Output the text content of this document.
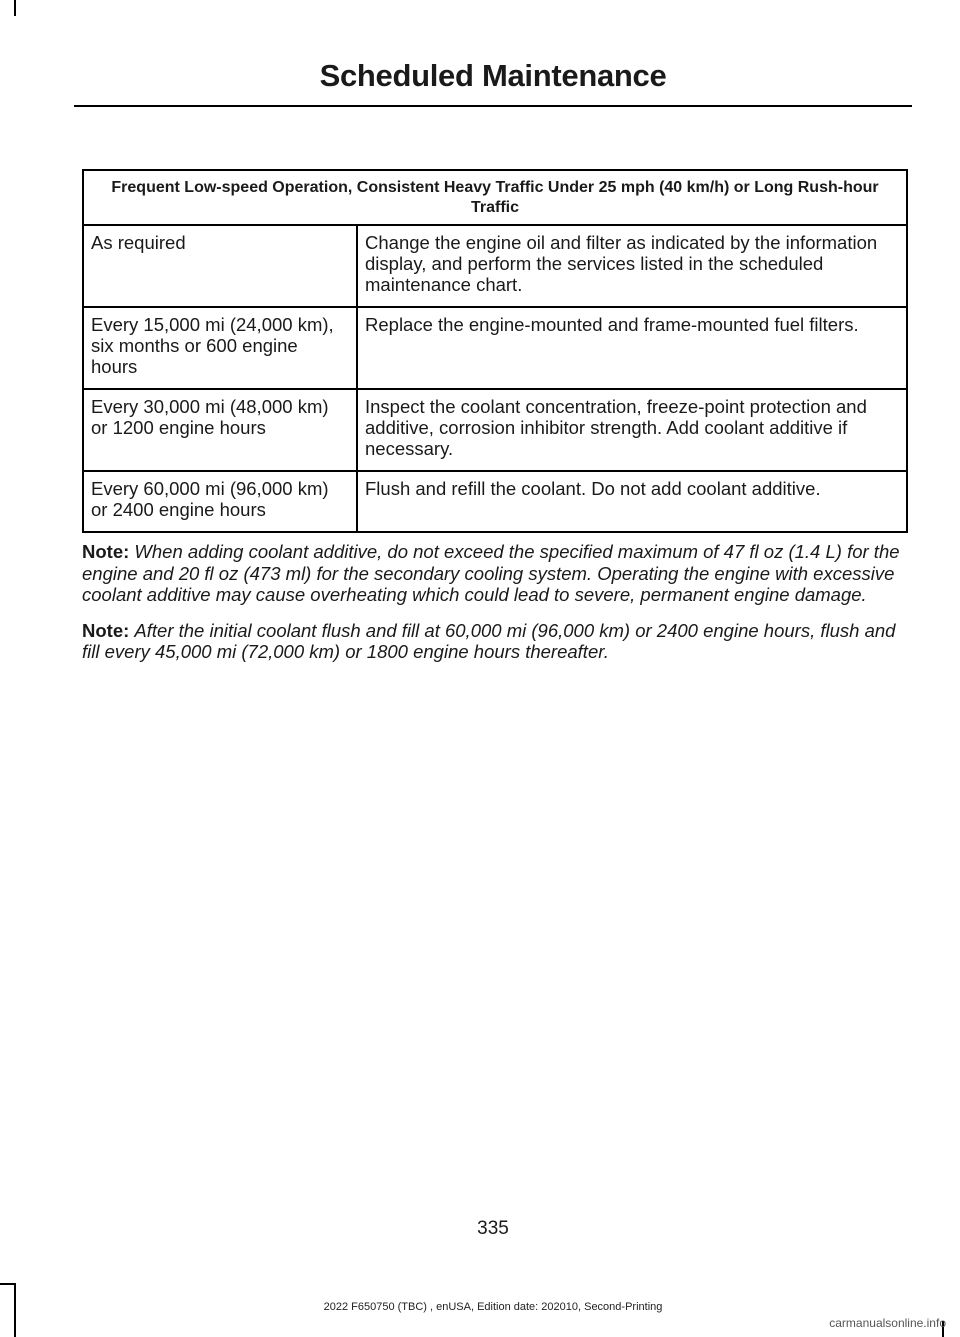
Scheduled Maintenance
Frequent Low-speed Operation, Consistent Heavy Traffic Under 25 mph (40 km/h) or Long Rush-hour Traffic	
As required	Change the engine oil and filter as indicated by the information display, and perform the services listed in the scheduled maintenance chart.
Every 15,000 mi (24,000 km), six months or 600 engine hours	Replace the engine-mounted and frame-mounted fuel filters.
Every 30,000 mi (48,000 km) or 1200 engine hours	Inspect the coolant concentration, freeze-point protection and additive, corrosion inhibitor strength. Add coolant additive if necessary.
Every 60,000 mi (96,000 km) or 2400 engine hours	Flush and refill the coolant. Do not add coolant additive.

Note: When adding coolant additive, do not exceed the specified maximum of 47 fl oz (1.4 L) for the engine and 20 fl oz (473 ml) for the secondary cooling system. Operating the engine with excessive coolant additive may cause overheating which could lead to severe, permanent engine damage.

Note: After the initial coolant flush and fill at 60,000 mi (96,000 km) or 2400 engine hours, flush and fill every 45,000 mi (72,000 km) or 1800 engine hours thereafter.

335
2022 F650750 (TBC) , enUSA, Edition date: 202010, Second-Printing
carmanualsonline.info
